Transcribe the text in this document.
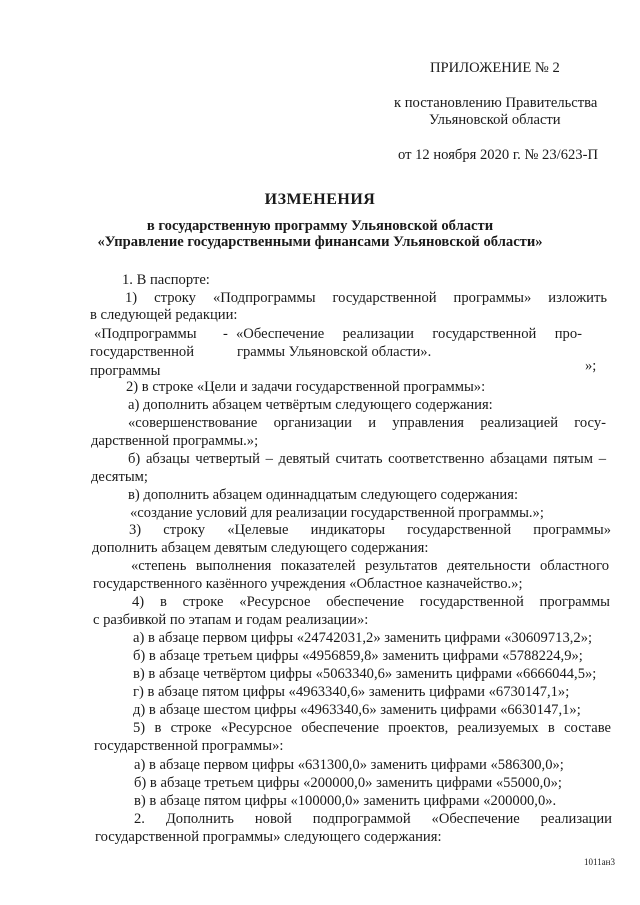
ПРИЛОЖЕНИЕ № 2
к постановлению Правительства
Ульяновской области
от 12 ноября 2020 г. № 23/623-П
ИЗМЕНЕНИЯ
в государственную программу Ульяновской области
«Управление государственными финансами Ульяновской области»
1. В паспорте:
1) строку «Подпрограммы государственной программы» изложить
в следующей редакции:
«Подпрограммы
государственной
программы
- «Обеспечение реализации государственной про-
граммы Ульяновской области».
»;
2) в строке «Цели и задачи государственной программы»:
а) дополнить абзацем четвёртым следующего содержания:
«совершенствование организации и управления реализацией госу-
дарственной программы.»;
б) абзацы четвертый – девятый считать соответственно абзацами пятым –
десятым;
в) дополнить абзацем одиннадцатым следующего содержания:
«создание условий для реализации государственной программы.»;
3) строку «Целевые индикаторы государственной программы»
дополнить абзацем девятым следующего содержания:
«степень выполнения показателей результатов деятельности областного
государственного казённого учреждения «Областное казначейство.»;
4) в строке «Ресурсное обеспечение государственной программы
с разбивкой по этапам и годам реализации»:
а) в абзаце первом цифры «24742031,2» заменить цифрами «30609713,2»;
б) в абзаце третьем цифры «4956859,8» заменить цифрами «5788224,9»;
в) в абзаце четвёртом цифры «5063340,6» заменить цифрами «6666044,5»;
г) в абзаце пятом цифры «4963340,6» заменить цифрами «6730147,1»;
д) в абзаце шестом цифры «4963340,6» заменить цифрами «6630147,1»;
5) в строке «Ресурсное обеспечение проектов, реализуемых в составе
государственной программы»:
а) в абзаце первом цифры «631300,0» заменить цифрами «586300,0»;
б) в абзаце третьем цифры «200000,0» заменить цифрами «55000,0»;
в) в абзаце пятом цифры «100000,0» заменить цифрами «200000,0».
2. Дополнить новой подпрограммой «Обеспечение реализации
государственной программы» следующего содержания:
1011ан3
